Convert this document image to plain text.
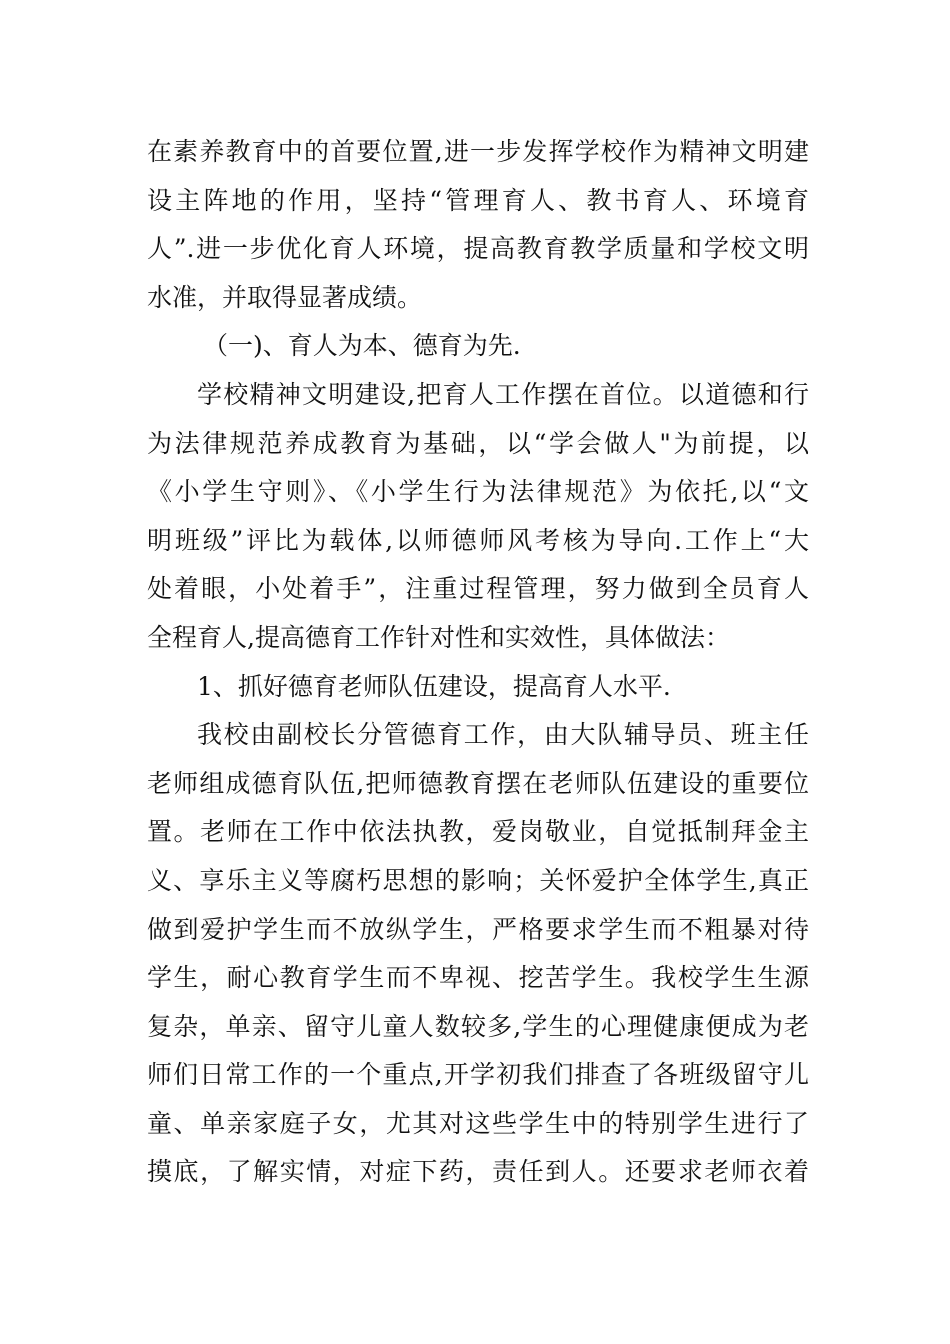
在素养教育中的首要位置,进一步发挥学校作为精神文明建
设主阵地的作用，坚持“管理育人、教书育人、环境育
人”.进一步优化育人环境，提高教育教学质量和学校文明
水准，并取得显著成绩。
（一)、育人为本、德育为先.
学校精神文明建设,把育人工作摆在首位。以道德和行
为法律规范养成教育为基础，以“学会做人"为前提，以
《小学生守则》、《小学生行为法律规范》为依托,以“文
明班级”评比为载体,以师德师风考核为导向.工作上“大
处着眼，小处着手”，注重过程管理，努力做到全员育人
全程育人,提高德育工作针对性和实效性，具体做法：
1、抓好德育老师队伍建设，提高育人水平.
我校由副校长分管德育工作，由大队辅导员、班主任
老师组成德育队伍,把师德教育摆在老师队伍建设的重要位
置。老师在工作中依法执教，爱岗敬业，自觉抵制拜金主
义、享乐主义等腐朽思想的影响；关怀爱护全体学生,真正
做到爱护学生而不放纵学生，严格要求学生而不粗暴对待
学生，耐心教育学生而不卑视、挖苦学生。我校学生生源
复杂，单亲、留守儿童人数较多,学生的心理健康便成为老
师们日常工作的一个重点,开学初我们排查了各班级留守儿
童、单亲家庭子女，尤其对这些学生中的特别学生进行了
摸底，了解实情，对症下药，责任到人。还要求老师衣着
